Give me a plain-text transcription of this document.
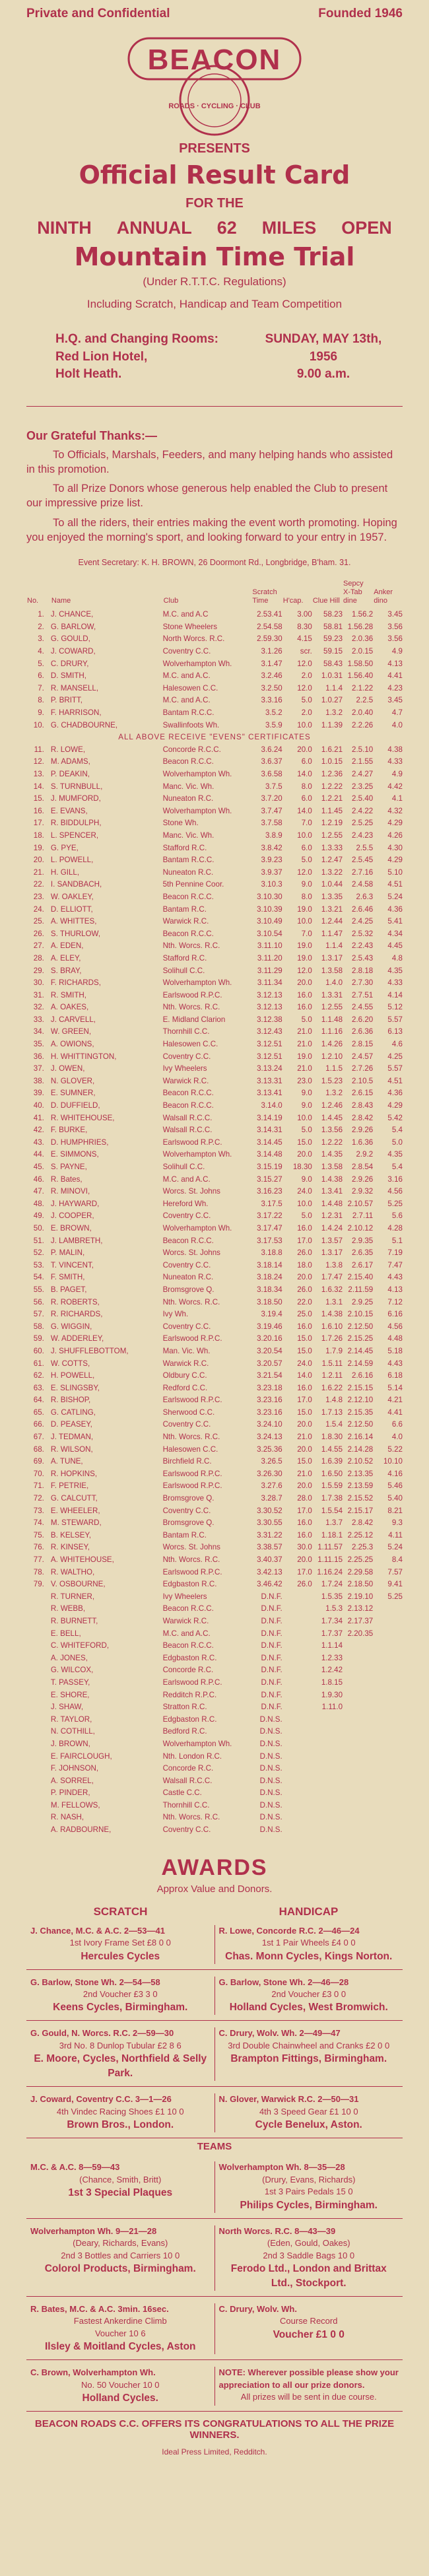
Private and Confidential	Founded 1946
ROADS · CYCLING · CLUB
BEACON
PRESENTS
Official Result Card
FOR THE
NINTH ANNUAL 62 MILES OPEN
Mountain Time Trial
(Under R.T.T.C. Regulations)
Including Scratch, Handicap and Team Competition
H.Q. and Changing Rooms:
Red Lion Hotel,
Holt Heath.
SUNDAY, MAY 13th,
1956
9.00 a.m.
Our Grateful Thanks:—

To Officials, Marshals, Feeders, and many helping hands who assisted in this promotion.

To all Prize Donors whose generous help enabled the Club to present our impressive prize list.

To all the riders, their entries making the event worth promoting. Hoping you enjoyed the morning's sport, and looking forward to your entry in 1957.

Event Secretary: K. H. BROWN, 26 Doormont Rd., Longbridge, B'ham. 31.
No.	Name	Club	Scratch Time	H'cap.	Clue Hill	Sepcy X-Tab dine	Anker dino
1.	J. CHANCE,	M.C. and A.C	2.53.41	3.00	58.23	1.56.2	3.45
2.	G. BARLOW,	Stone Wheelers	2.54.58	8.30	58.81	1.56.28	3.56
3.	G. GOULD,	North Worcs. R.C.	2.59.30	4.15	59.23	2.0.36	3.56
4.	J. COWARD,	Coventry C.C.	3.1.26	scr.	59.15	2.0.15	4.9
5.	C. DRURY,	Wolverhampton Wh.	3.1.47	12.0	58.43	1.58.50	4.13
6.	D. SMITH,	M.C. and A.C.	3.2.46	2.0	1.0.31	1.56.40	4.41
7.	R. MANSELL,	Halesowen C.C.	3.2.50	12.0	1.1.4	2.1.22	4.23
8.	P. BRITT,	M.C. and A.C.	3.3.16	5.0	1.0.27	2.2.5	3.45
9.	F. HARRISON,	Bantam R.C.C.	3.5.2	2.0	1.3.2	2.0.40	4.7
10.	G. CHADBOURNE,	Swallinfoots Wh.	3.5.9	10.0	1.1.39	2.2.26	4.0
ALL ABOVE RECEIVE "EVENS" CERTIFICATES							
11.	R. LOWE,	Concorde R.C.C.	3.6.24	20.0	1.6.21	2.5.10	4.38
12.	M. ADAMS,	Beacon R.C.C.	3.6.37	6.0	1.0.15	2.1.55	4.33
13.	P. DEAKIN,	Wolverhampton Wh.	3.6.58	14.0	1.2.36	2.4.27	4.9
14.	S. TURNBULL,	Manc. Vic. Wh.	3.7.5	8.0	1.2.22	2.3.25	4.42
15.	J. MUMFORD,	Nuneaton R.C.	3.7.20	6.0	1.2.21	2.5.40	4.1
16.	E. EVANS,	Wolverhampton Wh.	3.7.47	14.0	1.1.45	2.4.22	4.32
17.	R. BIDDULPH,	Stone Wh.	3.7.58	7.0	1.2.19	2.5.25	4.29
18.	L. SPENCER,	Manc. Vic. Wh.	3.8.9	10.0	1.2.55	2.4.23	4.26
19.	G. PYE,	Stafford R.C.	3.8.42	6.0	1.3.33	2.5.5	4.30
20.	L. POWELL,	Bantam R.C.C.	3.9.23	5.0	1.2.47	2.5.45	4.29
21.	H. GILL,	Nuneaton R.C.	3.9.37	12.0	1.3.22	2.7.16	5.10
22.	I. SANDBACH,	5th Pennine Coor.	3.10.3	9.0	1.0.44	2.4.58	4.51
23.	W. OAKLEY,	Beacon R.C.C.	3.10.30	8.0	1.3.35	2.6.3	5.24
24.	D. ELLIOTT,	Bantam R.C.	3.10.39	19.0	1.3.21	2.6.46	4.36
25.	A. WHITTES,	Warwick R.C.	3.10.49	10.0	1.2.44	2.4.25	5.41
26.	S. THURLOW,	Beacon R.C.C.	3.10.54	7.0	1.1.47	2.5.32	4.34
27.	A. EDEN,	Nth. Worcs. R.C.	3.11.10	19.0	1.1.4	2.2.43	4.45
28.	A. ELEY,	Stafford R.C.	3.11.20	19.0	1.3.17	2.5.43	4.8
29.	S. BRAY,	Solihull C.C.	3.11.29	12.0	1.3.58	2.8.18	4.35
30.	F. RICHARDS,	Wolverhampton Wh.	3.11.34	20.0	1.4.0	2.7.30	4.33
31.	R. SMITH,	Earlswood R.P.C.	3.12.13	16.0	1.3.31	2.7.51	4.14
32.	A. OAKES,	Nth. Worcs. R.C.	3.12.13	16.0	1.2.55	2.4.55	5.12
33.	J. CARVELL,	E. Midland Clarion	3.12.38	5.0	1.1.48	2.6.20	5.57
34.	W. GREEN,	Thornhill C.C.	3.12.43	21.0	1.1.16	2.6.36	6.13
35.	A. OWIONS,	Halesowen C.C.	3.12.51	21.0	1.4.26	2.8.15	4.6
36.	H. WHITTINGTON,	Coventry C.C.	3.12.51	19.0	1.2.10	2.4.57	4.25
37.	J. OWEN,	Ivy Wheelers	3.13.24	21.0	1.1.5	2.7.26	5.57
38.	N. GLOVER,	Warwick R.C.	3.13.31	23.0	1.5.23	2.10.5	4.51
39.	E. SUMNER,	Beacon R.C.C.	3.13.41	9.0	1.3.2	2.6.15	4.36
40.	D. DUFFIELD,	Beacon R.C.C.	3.14.0	9.0	1.2.46	2.8.43	4.29
41.	R. WHITEHOUSE,	Walsall R.C.C.	3.14.19	10.0	1.4.45	2.8.42	5.42
42.	F. BURKE,	Walsall R.C.C.	3.14.31	5.0	1.3.56	2.9.26	5.4
43.	D. HUMPHRIES,	Earlswood R.P.C.	3.14.45	15.0	1.2.22	1.6.36	5.0
44.	E. SIMMONS,	Wolverhampton Wh.	3.14.48	20.0	1.4.35	2.9.2	4.35
45.	S. PAYNE,	Solihull C.C.	3.15.19	18.30	1.3.58	2.8.54	5.4
46.	R. Bates,	M.C. and A.C.	3.15.27	9.0	1.4.38	2.9.26	3.16
47.	R. MINOVI,	Worcs. St. Johns	3.16.23	24.0	1.3.41	2.9.32	4.56
48.	J. HAYWARD,	Hereford Wh.	3.17.5	10.0	1.4.48	2.10.57	5.25
49.	J. COOPER,	Coventry C.C.	3.17.22	5.0	1.2.31	2.7.11	5.6
50.	E. BROWN,	Wolverhampton Wh.	3.17.47	16.0	1.4.24	2.10.12	4.28
51.	J. LAMBRETH,	Beacon R.C.C.	3.17.53	17.0	1.3.57	2.9.35	5.1
52.	P. MALIN,	Worcs. St. Johns	3.18.8	26.0	1.3.17	2.6.35	7.19
53.	T. VINCENT,	Coventry C.C.	3.18.14	18.0	1.3.8	2.6.17	7.47
54.	F. SMITH,	Nuneaton R.C.	3.18.24	20.0	1.7.47	2.15.40	4.43
55.	B. PAGET,	Bromsgrove Q.	3.18.34	26.0	1.6.32	2.11.59	4.13
56.	R. ROBERTS,	Nth. Worcs. R.C.	3.18.50	22.0	1.3.1	2.9.25	7.12
57.	R. RICHARDS,	Ivy Wh.	3.19.4	25.0	1.4.38	2.10.15	6.16
58.	G. WIGGIN,	Coventry C.C.	3.19.46	16.0	1.6.10	2.12.50	4.56
59.	W. ADDERLEY,	Earlswood R.P.C.	3.20.16	15.0	1.7.26	2.15.25	4.48
60.	J. SHUFFLEBOTTOM,	Man. Vic. Wh.	3.20.54	15.0	1.7.9	2.14.45	5.18
61.	W. COTTS,	Warwick R.C.	3.20.57	24.0	1.5.11	2.14.59	4.43
62.	H. POWELL,	Oldbury C.C.	3.21.54	14.0	1.2.11	2.6.16	6.18
63.	E. SLINGSBY,	Redford C.C.	3.23.18	16.0	1.6.22	2.15.15	5.14
64.	R. BISHOP,	Earlswood R.P.C.	3.23.16	17.0	1.4.8	2.12.10	4.21
65.	G. CATLING,	Sherwood C.C.	3.23.16	15.0	1.7.13	2.15.35	4.41
66.	D. PEASEY,	Coventry C.C.	3.24.10	20.0	1.5.4	2.12.50	6.6
67.	J. TEDMAN,	Nth. Worcs. R.C.	3.24.13	21.0	1.8.30	2.16.14	4.0
68.	R. WILSON,	Halesowen C.C.	3.25.36	20.0	1.4.55	2.14.28	5.22
69.	A. TUNE,	Birchfield R.C.	3.26.5	15.0	1.6.39	2.10.52	10.10
70.	R. HOPKINS,	Earlswood R.P.C.	3.26.30	21.0	1.6.50	2.13.35	4.16
71.	F. PETRIE,	Earlswood R.P.C.	3.27.6	20.0	1.5.59	2.13.59	5.46
72.	G. CALCUTT,	Bromsgrove Q.	3.28.7	28.0	1.7.38	2.15.52	5.40
73.	E. WHEELER,	Coventry C.C.	3.30.52	17.0	1.5.54	2.15.17	8.21
74.	M. STEWARD,	Bromsgrove Q.	3.30.55	16.0	1.3.7	2.8.42	9.3
75.	B. KELSEY,	Bantam R.C.	3.31.22	16.0	1.18.1	2.25.12	4.11
76.	R. KINSEY,	Worcs. St. Johns	3.38.57	30.0	1.11.57	2.25.3	5.24
77.	A. WHITEHOUSE,	Nth. Worcs. R.C.	3.40.37	20.0	1.11.15	2.25.25	8.4
78.	R. WALTHO,	Earlswood R.P.C.	3.42.13	17.0	1.16.24	2.29.58	7.57
79.	V. OSBOURNE,	Edgbaston R.C.	3.46.42	26.0	1.7.24	2.18.50	9.41
	R. TURNER,	Ivy Wheelers	D.N.F.		1.5.35	2.19.10	5.25
	R. WEBB,	Beacon R.C.C.	D.N.F.		1.5.3	2.13.12	
	R. BURNETT,	Warwick R.C.	D.N.F.		1.7.34	2.17.37	
	E. BELL,	M.C. and A.C.	D.N.F.		1.7.37	2.20.35	
	C. WHITEFORD,	Beacon R.C.C.	D.N.F.		1.1.14		
	A. JONES,	Edgbaston R.C.	D.N.F.		1.2.33		
	G. WILCOX,	Concorde R.C.	D.N.F.		1.2.42		
	T. PASSEY,	Earlswood R.P.C.	D.N.F.		1.8.15		
	E. SHORE,	Redditch R.P.C.	D.N.F.		1.9.30		
	J. SHAW,	Stratton R.C.	D.N.F.		1.11.0		
	R. TAYLOR,	Edgbaston R.C.	D.N.S.				
	N. COTHILL,	Bedford R.C.	D.N.S.				
	J. BROWN,	Wolverhampton Wh.	D.N.S.				
	E. FAIRCLOUGH,	Nth. London R.C.	D.N.S.				
	F. JOHNSON,	Concorde R.C.	D.N.S.				
	A. SORREL,	Walsall R.C.C.	D.N.S.				
	P. PINDER,	Castle C.C.	D.N.S.				
	M. FELLOWS,	Thornhill C.C.	D.N.S.				
	R. NASH,	Nth. Worcs. R.C.	D.N.S.				
	A. RADBOURNE,	Coventry C.C.	D.N.S.				
AWARDS
Approx Value and Donors.
SCRATCH	HANDICAP
J. Chance, M.C. & A.C. 2—53—41
1st Ivory Frame Set £8 0 0
Hercules Cycles
R. Lowe, Concorde R.C. 2—46—24
1st 1 Pair Wheels £4 0 0
Chas. Monn Cycles, Kings Norton.
G. Barlow, Stone Wh. 2—54—58
2nd Voucher £3 3 0
Keens Cycles, Birmingham.
G. Barlow, Stone Wh. 2—46—28
2nd Voucher £3 0 0
Holland Cycles, West Bromwich.
G. Gould, N. Worcs. R.C. 2—59—30
3rd No. 8 Dunlop Tubular £2 8 6
E. Moore, Cycles, Northfield & Selly Park.
C. Drury, Wolv. Wh. 2—49—47
3rd Double Chainwheel and Cranks £2 0 0
Brampton Fittings, Birmingham.
J. Coward, Coventry C.C. 3—1—26
4th Vindec Racing Shoes £1 10 0
Brown Bros., London.
N. Glover, Warwick R.C. 2—50—31
4th 3 Speed Gear £1 10 0
Cycle Benelux, Aston.
TEAMS
M.C. & A.C. 8—59—43
(Chance, Smith, Britt)
1st 3 Special Plaques
Wolverhampton Wh. 8—35—28
(Drury, Evans, Richards)
1st 3 Pairs Pedals 15 0
Philips Cycles, Birmingham.
Wolverhampton Wh. 9—21—28
(Deary, Richards, Evans)
2nd 3 Bottles and Carriers 10 0
Colorol Products, Birmingham.
North Worcs. R.C. 8—43—39
(Eden, Gould, Oakes)
2nd 3 Saddle Bags 10 0
Ferodo Ltd., London and Brittax Ltd., Stockport.
R. Bates, M.C. & A.C. 3min. 16sec.
Fastest Ankerdine Climb
Voucher 10 6
Ilsley & Moitland Cycles, Aston
C. Drury, Wolv. Wh.
Course Record
Voucher £1 0 0
C. Brown, Wolverhampton Wh.
No. 50 Voucher 10 0
Holland Cycles.
NOTE: Wherever possible please show your appreciation to all our prize donors.
All prizes will be sent in due course.
BEACON ROADS C.C. OFFERS ITS CONGRATULATIONS TO ALL THE PRIZE WINNERS.
Ideal Press Limited, Redditch.
